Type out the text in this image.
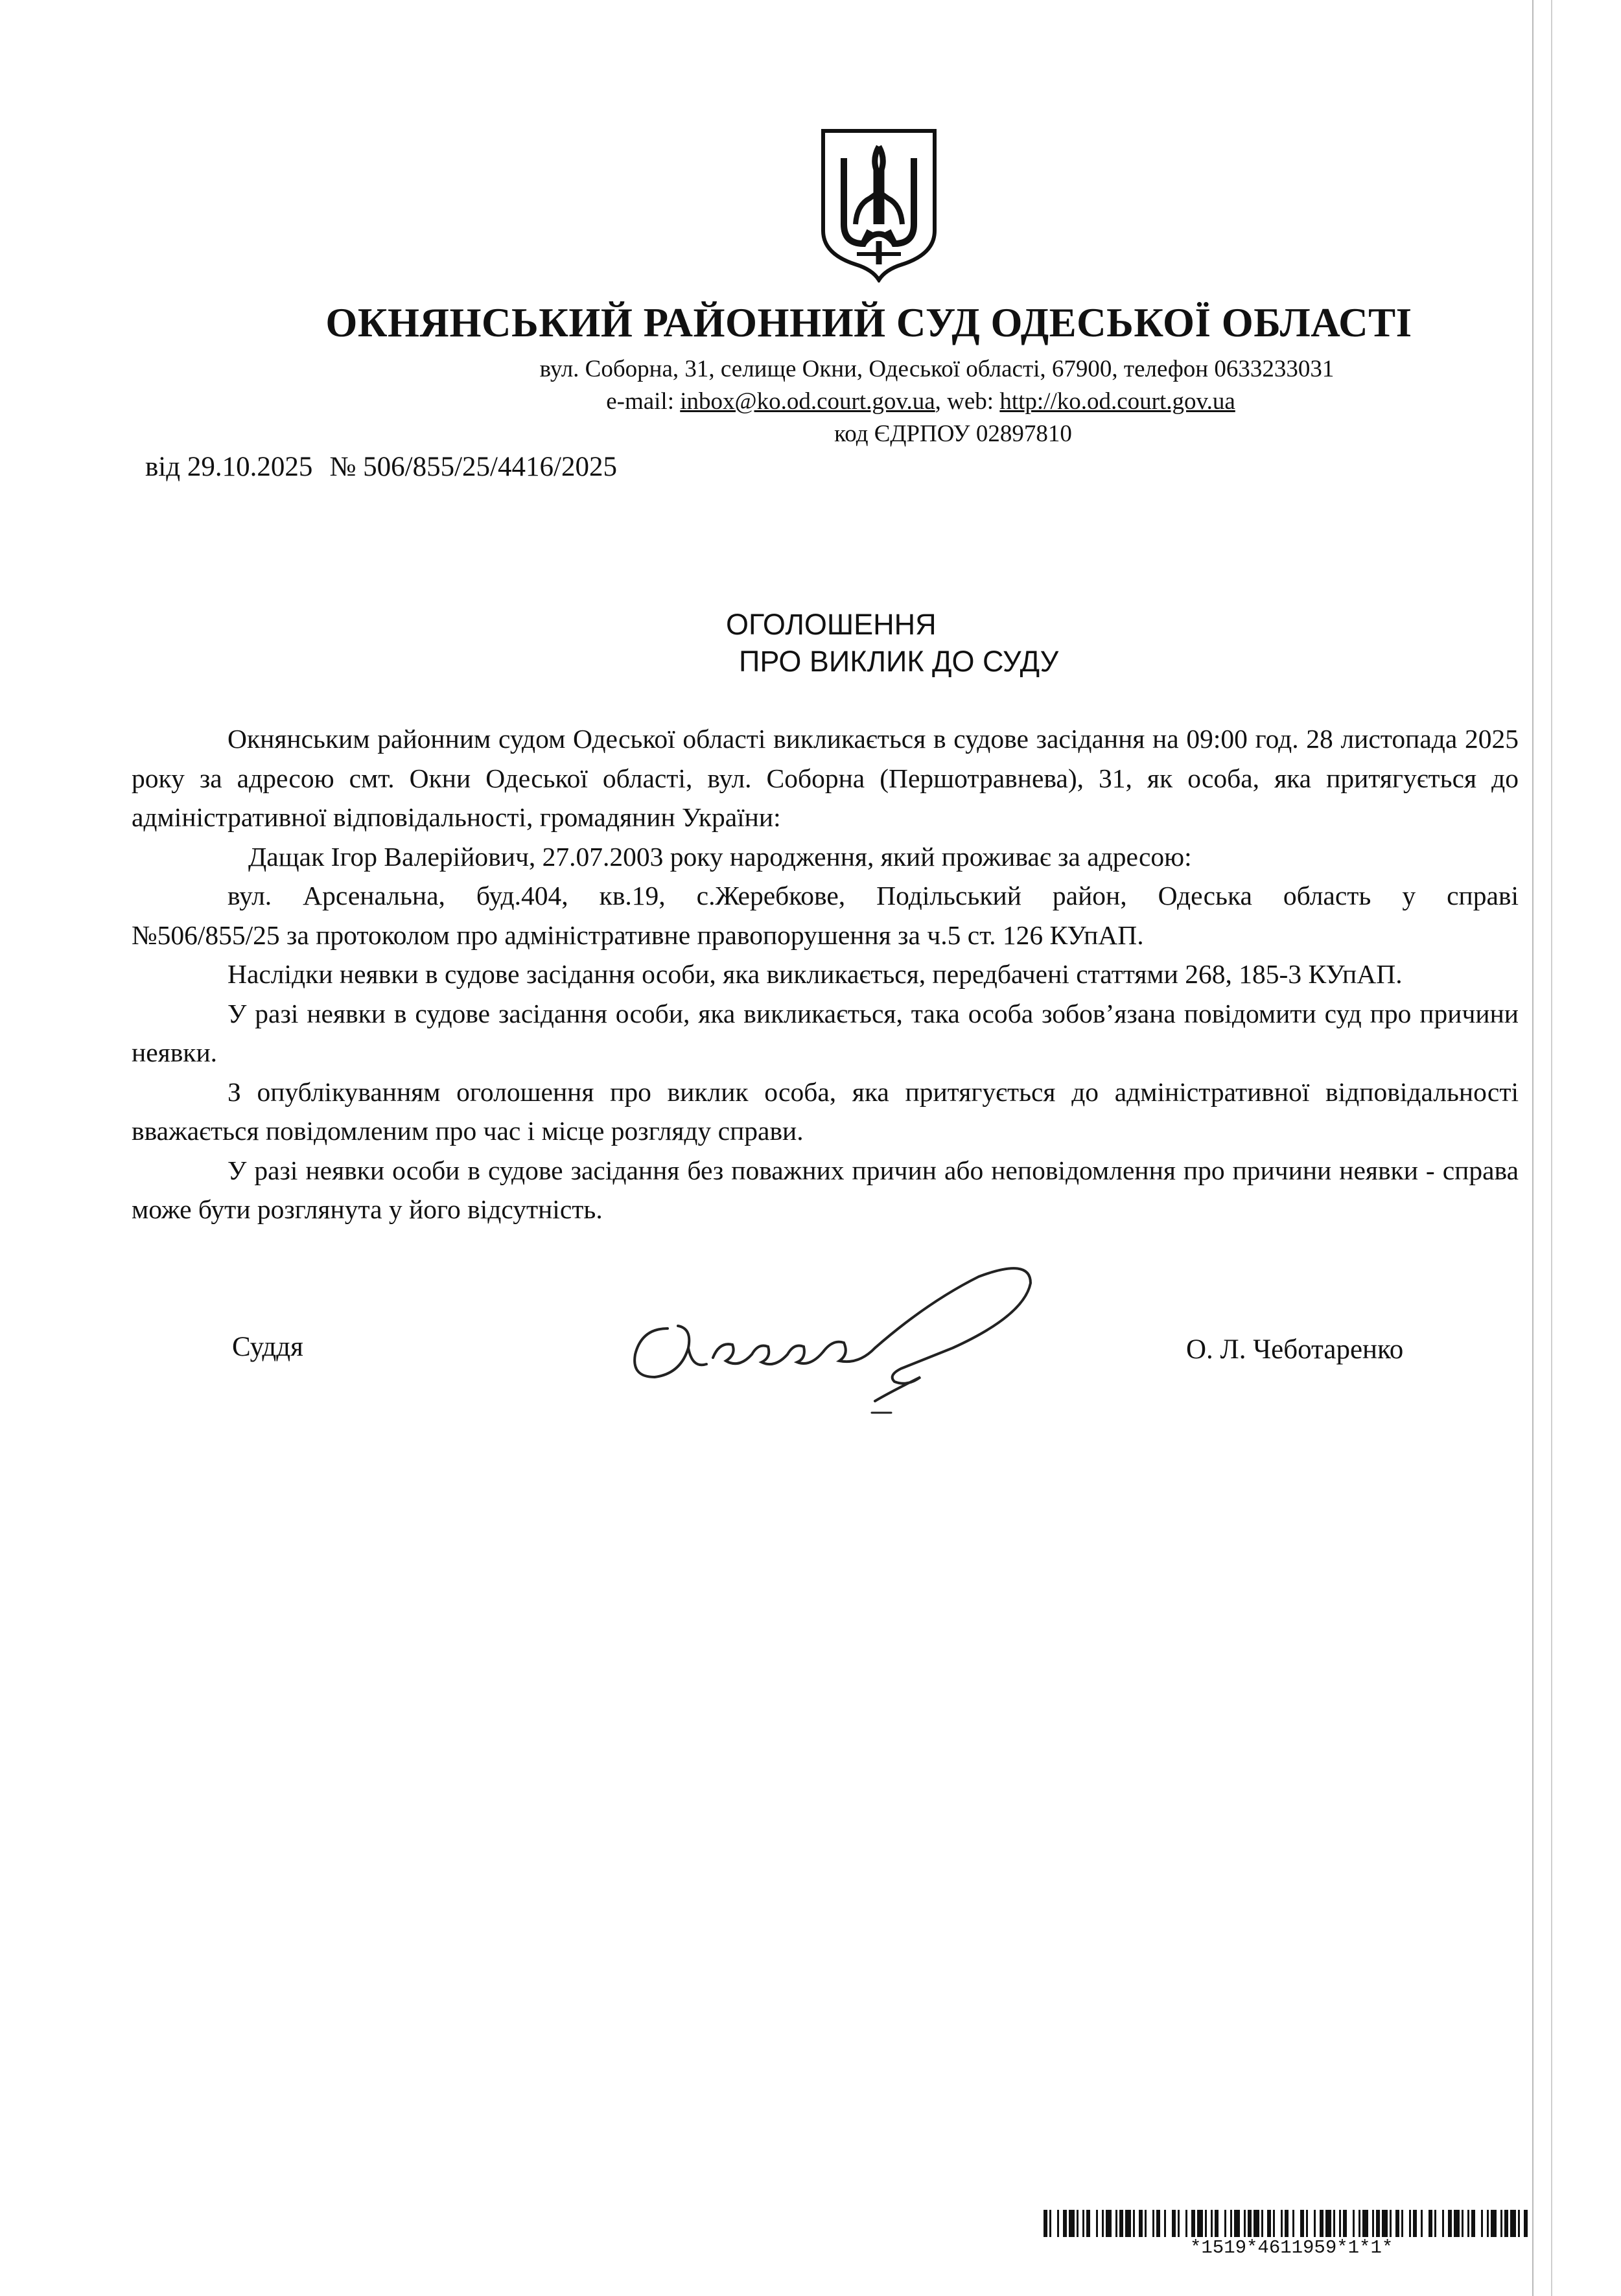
ОКНЯНСЬКИЙ РАЙОННИЙ СУД ОДЕСЬКОЇ ОБЛАСТІ
вул. Соборна, 31, селище Окни, Одеської області, 67900, телефон 0633233031
e-mail: inbox@ko.od.court.gov.ua, web: http://ko.od.court.gov.ua
код ЄДРПОУ 02897810
від 29.10.2025 № 506/855/25/4416/2025
ОГОЛОШЕННЯ
ПРО ВИКЛИК ДО СУДУ

Окнянським районним судом Одеської області викликається в судове засідання на 09:00 год. 28 листопада 2025 року за адресою смт. Окни Одеської області, вул. Соборна (Першотравнева), 31, як особа, яка притягується до адміністративної відповідальності, громадянин України:

Дащак Ігор Валерійович, 27.07.2003 року народження, який проживає за адресою:

вул. Арсенальна, буд.404, кв.19, с.Жеребкове, Подільський район, Одеська область у справі

№506/855/25 за протоколом про адміністративне правопорушення за ч.5 ст. 126 КУпАП.

Наслідки неявки в судове засідання особи, яка викликається, передбачені статтями 268, 185-3 КУпАП.

У разі неявки в судове засідання особи, яка викликається, така особа зобов’язана повідомити суд про причини неявки.

З опублікуванням оголошення про виклик особа, яка притягується до адміністративної відповідальності вважається повідомленим про час і місце розгляду справи.

У разі неявки особи в судове засідання без поважних причин або неповідомлення про причини неявки - справа може бути розглянута у його відсутність.

Суддя	О. Л. Чеботаренко
*1519*4611959*1*1*
